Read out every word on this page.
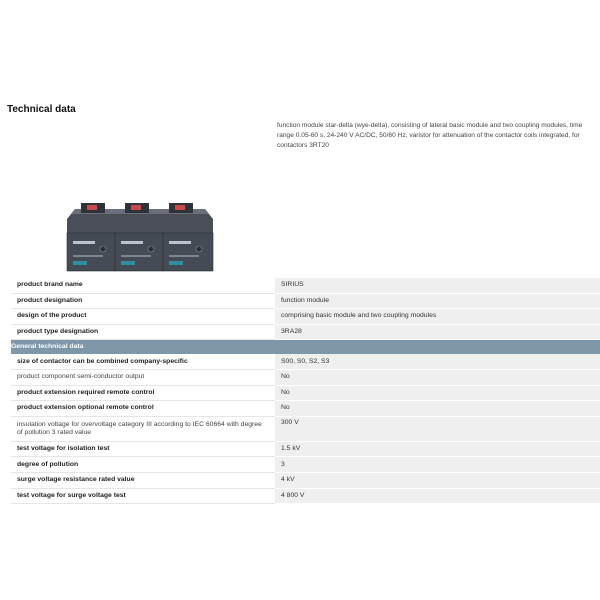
Technical data
function module star-delta (wye-delta), consisting of lateral basic module and two coupling modules, time range 0.05-60 s, 24-240 V AC/DC, 50/60 Hz, varistor for attenuation of the contactor coils integrated, for contactors 3RT20
product brand name	SIRIUS
product designation	function module
design of the product	comprising basic module and two coupling modules
product type designation	3RA28
General technical data	
size of contactor can be combined company-specific	S00, S0, S2, S3
product component semi-conductor output	No
product extension required remote control	No
product extension optional remote control	No
insulation voltage for overvoltage category III according to IEC 60664 with degree of pollution 3 rated value	300 V
test voltage for isolation test	1.5 kV
degree of pollution	3
surge voltage resistance rated value	4 kV
test voltage for surge voltage test	4 800 V
